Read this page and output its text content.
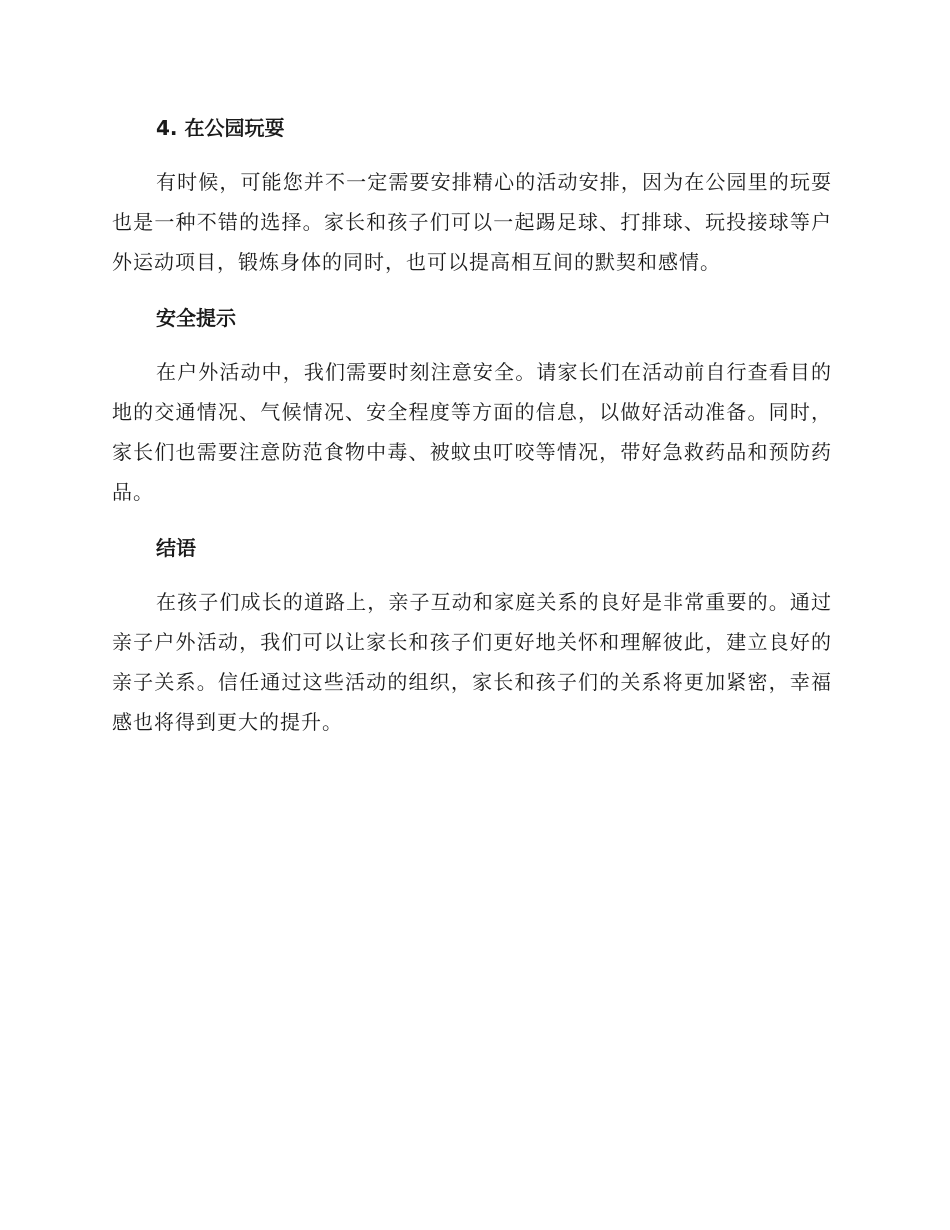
4. 在公园玩耍

有时候，可能您并不一定需要安排精心的活动安排，因为在公园里的玩耍也是一种不错的选择。家长和孩子们可以一起踢足球、打排球、玩投接球等户外运动项目，锻炼身体的同时，也可以提高相互间的默契和感情。

安全提示

在户外活动中，我们需要时刻注意安全。请家长们在活动前自行查看目的地的交通情况、气候情况、安全程度等方面的信息，以做好活动准备。同时，家长们也需要注意防范食物中毒、被蚊虫叮咬等情况，带好急救药品和预防药品。

结语

在孩子们成长的道路上，亲子互动和家庭关系的良好是非常重要的。通过亲子户外活动，我们可以让家长和孩子们更好地关怀和理解彼此，建立良好的亲子关系。信任通过这些活动的组织，家长和孩子们的关系将更加紧密，幸福感也将得到更大的提升。
